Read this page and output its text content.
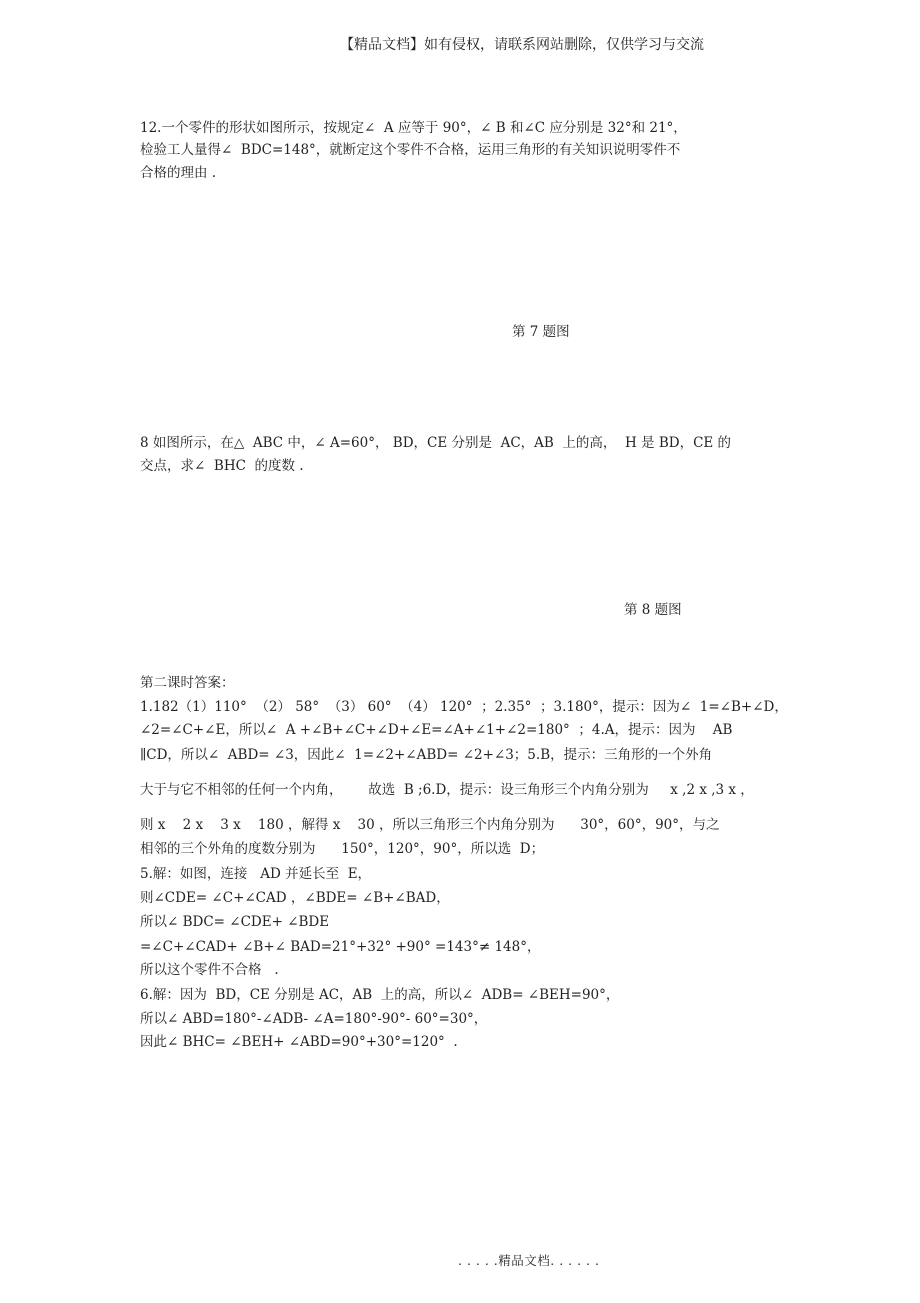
【精品文档】如有侵权，请联系网站删除，仅供学习与交流
12.一个零件的形状如图所示，按规定∠  A 应等于 90°，∠ B 和∠C 应分别是 32°和 21°，
检验工人量得∠  BDC=148°，就断定这个零件不合格，运用三角形的有关知识说明零件不
合格的理由 .
第 7 题图
8 如图所示，在△  ABC 中，∠ A=60°， BD，CE 分别是  AC，AB  上的高，  H 是 BD，CE 的
交点，求∠  BHC  的度数 .
第 8 题图
第二课时答案：
1.182（1）110°  （2） 58°  （3） 60°  （4） 120°  ；2.35°  ；3.180°，提示：因为∠  1=∠B+∠D，
∠2=∠C+∠E，所以∠  A +∠B+∠C+∠D+∠E=∠A+∠1+∠2=180°  ；4.A，提示：因为    AB
∥CD，所以∠  ABD= ∠3，因此∠  1=∠2+∠ABD= ∠2+∠3；5.B，提示：三角形的一个外角
大于与它不相邻的任何一个内角，      故选  B ;6.D，提示：设三角形三个内角分别为     x ,2 x ,3 x ，
则 x    2 x    3 x    180 ，解得 x    30 ，所以三角形三个内角分别为      30°，60°，90°，与之
相邻的三个外角的度数分别为      150°，120°，90°，所以选  D；
5.解：如图，连接   AD 并延长至  E，
则∠CDE= ∠C+∠CAD ，∠BDE= ∠B+∠BAD，
所以∠ BDC= ∠CDE+ ∠BDE
=∠C+∠CAD+ ∠B+∠ BAD=21°+32° +90° =143°≠ 148°，
所以这个零件不合格   .
6.解：因为  BD，CE 分别是 AC，AB  上的高，所以∠  ADB= ∠BEH=90°，
所以∠ ABD=180°-∠ADB- ∠A=180°-90°- 60°=30°，
因此∠ BHC= ∠BEH+ ∠ABD=90°+30°=120°  .
. . . . .精品文档. . . . . .
